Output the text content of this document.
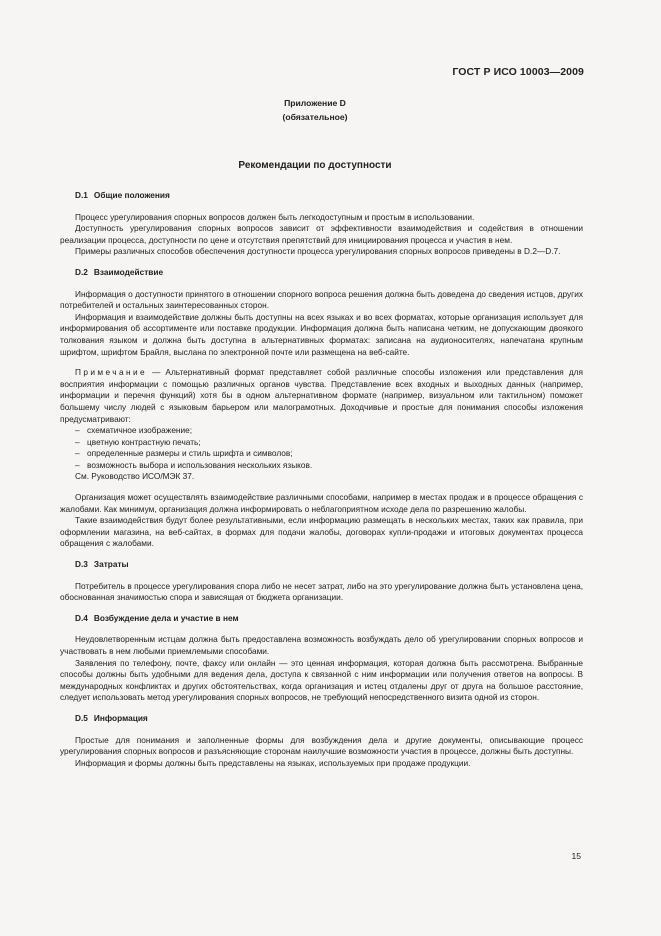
ГОСТ Р ИСО 10003—2009
Приложение D
(обязательное)
Рекомендации по доступности
D.1 Общие положения

Процесс урегулирования спорных вопросов должен быть легкодоступным и простым в использовании.

Доступность урегулирования спорных вопросов зависит от эффективности взаимодействия и содействия в отношении реализации процесса, доступности по цене и отсутствия препятствий для инициирования процесса и участия в нем.

Примеры различных способов обеспечения доступности процесса урегулирования спорных вопросов приведены в D.2—D.7.

D.2 Взаимодействие

Информация о доступности принятого в отношении спорного вопроса решения должна быть доведена до сведения истцов, других потребителей и остальных заинтересованных сторон.

Информация и взаимодействие должны быть доступны на всех языках и во всех форматах, которые организация использует для информирования об ассортименте или поставке продукции. Информация должна быть написана четким, не допускающим двоякого толкования языком и должна быть доступна в альтернативных форматах: записана на аудионосителях, напечатана крупным шрифтом, шрифтом Брайля, выслана по электронной почте или размещена на веб-сайте.

Примечание — Альтернативный формат представляет собой различные способы изложения или представления для восприятия информации с помощью различных органов чувства. Представление всех входных и выходных данных (например, информации и перечня функций) хотя бы в одном альтернативном формате (например, визуальном или тактильном) поможет большему числу людей с языковым барьером или малограмотных. Доходчивые и простые для понимания способы изложения предусматривают:

– схематичное изображение;
– цветную контрастную печать;
– определенные размеры и стиль шрифта и символов;
– возможность выбора и использования нескольких языков.

См. Руководство ИСО/МЭК 37.

Организация может осуществлять взаимодействие различными способами, например в местах продаж и в процессе обращения с жалобами. Как минимум, организация должна информировать о неблагоприятном исходе дела по разрешению жалобы.

Такие взаимодействия будут более результативными, если информацию размещать в нескольких местах, таких как правила, при оформлении магазина, на веб-сайтах, в формах для подачи жалобы, договорах купли-продажи и итоговых документах процесса обращения с жалобами.

D.3 Затраты

Потребитель в процессе урегулирования спора либо не несет затрат, либо на это урегулирование должна быть установлена цена, обоснованная значимостью спора и зависящая от бюджета организации.

D.4 Возбуждение дела и участие в нем

Неудовлетворенным истцам должна быть предоставлена возможность возбуждать дело об урегулировании спорных вопросов и участвовать в нем любыми приемлемыми способами.

Заявления по телефону, почте, факсу или онлайн — это ценная информация, которая должна быть рассмотрена. Выбранные способы должны быть удобными для ведения дела, доступа к связанной с ним информации или получения ответов на вопросы. В международных конфликтах и других обстоятельствах, когда организация и истец отдалены друг от друга на большое расстояние, следует использовать метод урегулирования спорных вопросов, не требующий непосредственного визита одной из сторон.

D.5 Информация

Простые для понимания и заполненные формы для возбуждения дела и другие документы, описывающие процесс урегулирования спорных вопросов и разъясняющие сторонам наилучшие возможности участия в процессе, должны быть доступны.

Информация и формы должны быть представлены на языках, используемых при продаже продукции.

15
